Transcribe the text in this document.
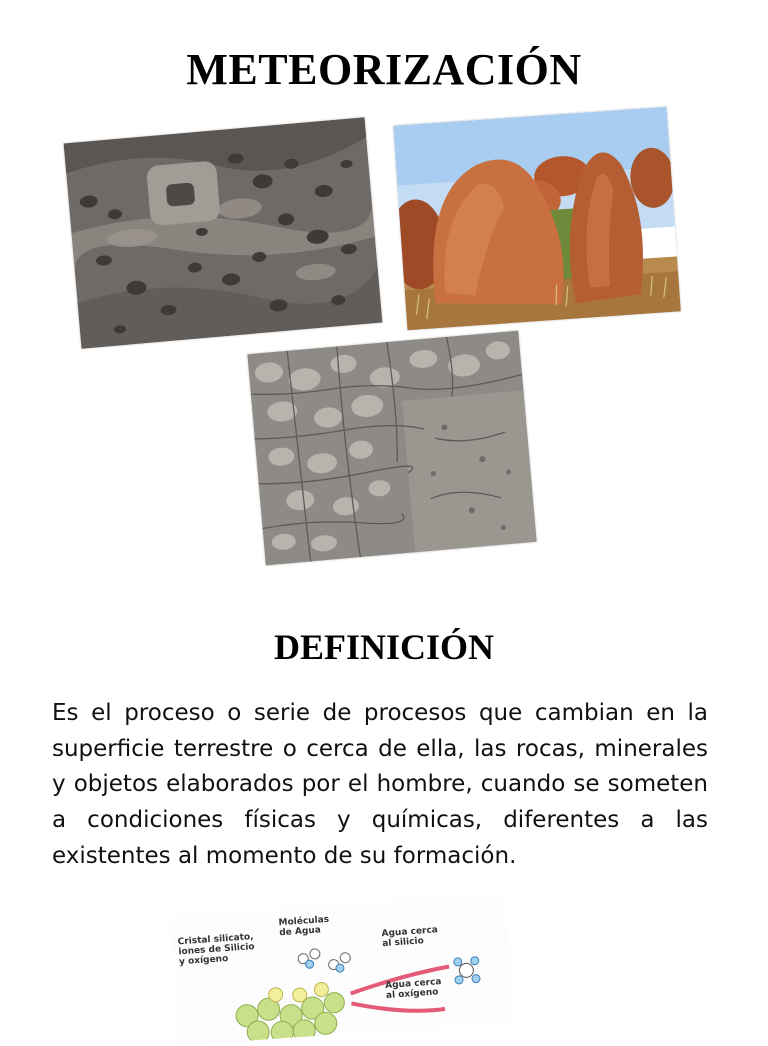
METEORIZACIÓN
DEFINICIÓN

Es el proceso o serie de procesos que cambian en la superficie terrestre o cerca de ella, las rocas, minerales y objetos elaborados por el hombre, cuando se someten a condiciones físicas y químicas, diferentes a las existentes al momento de su formación.

Cristal silicato,
iones de Silicio
y oxígeno
Moléculas
de Agua	Agua cerca
al silicio
Agua cerca
al oxígeno
